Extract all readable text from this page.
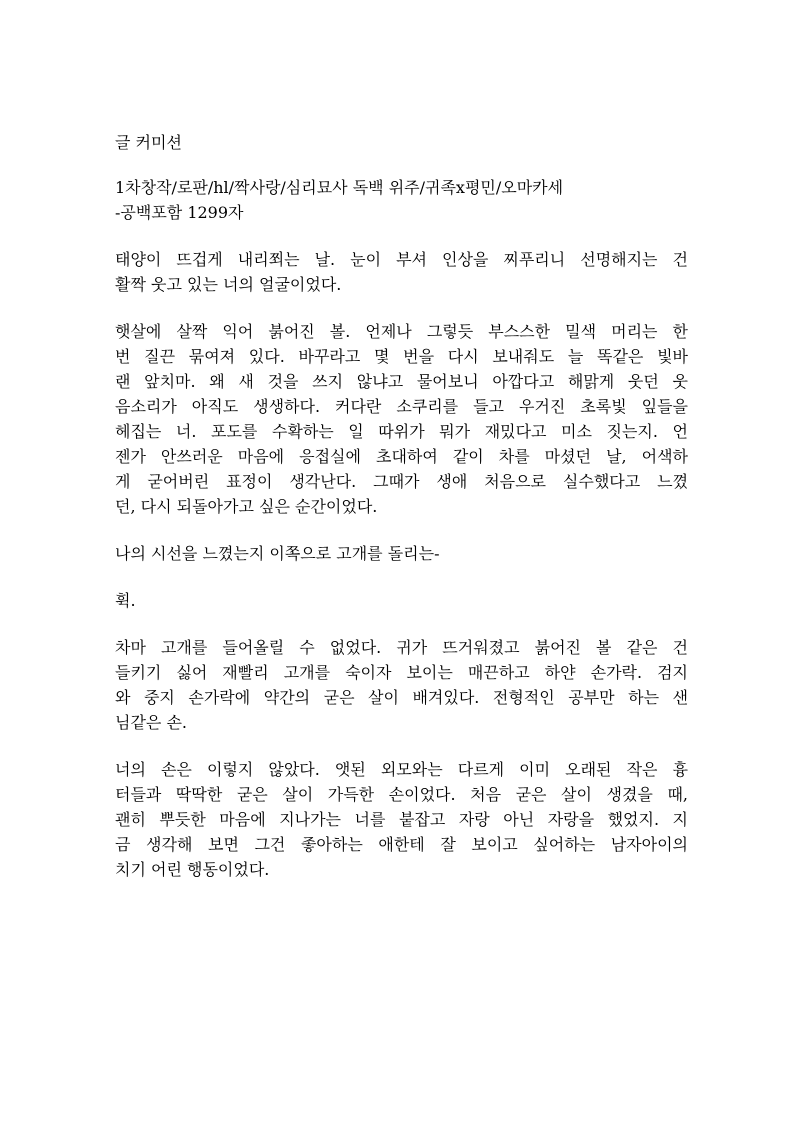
글 커미션
1차창작/로판/hl/짝사랑/심리묘사 독백 위주/귀족x평민/오마카세
-공백포함 1299자
태양이 뜨겁게 내리쬐는 날. 눈이 부셔 인상을 찌푸리니 선명해지는 건
활짝 웃고 있는 너의 얼굴이었다.
햇살에 살짝 익어 붉어진 볼. 언제나 그렇듯 부스스한 밀색 머리는 한
번 질끈 묶여져 있다. 바꾸라고 몇 번을 다시 보내줘도 늘 똑같은 빛바
랜 앞치마. 왜 새 것을 쓰지 않냐고 물어보니 아깝다고 해맑게 웃던 웃
음소리가 아직도 생생하다. 커다란 소쿠리를 들고 우거진 초록빛 잎들을
헤집는 너. 포도를 수확하는 일 따위가 뭐가 재밌다고 미소 짓는지. 언
젠가 안쓰러운 마음에 응접실에 초대하여 같이 차를 마셨던 날, 어색하
게 굳어버린 표정이 생각난다. 그때가 생애 처음으로 실수했다고 느꼈
던, 다시 되돌아가고 싶은 순간이었다.
나의 시선을 느꼈는지 이쪽으로 고개를 돌리는-
휙.
차마 고개를 들어올릴 수 없었다. 귀가 뜨거워졌고 붉어진 볼 같은 건
들키기 싫어 재빨리 고개를 숙이자 보이는 매끈하고 하얀 손가락. 검지
와 중지 손가락에 약간의 굳은 살이 배겨있다. 전형적인 공부만 하는 샌
님같은 손.
너의 손은 이렇지 않았다. 앳된 외모와는 다르게 이미 오래된 작은 흉
터들과 딱딱한 굳은 살이 가득한 손이었다. 처음 굳은 살이 생겼을 때,
괜히 뿌듯한 마음에 지나가는 너를 붙잡고 자랑 아닌 자랑을 했었지. 지
금 생각해 보면 그건 좋아하는 애한테 잘 보이고 싶어하는 남자아이의
치기 어린 행동이었다.
